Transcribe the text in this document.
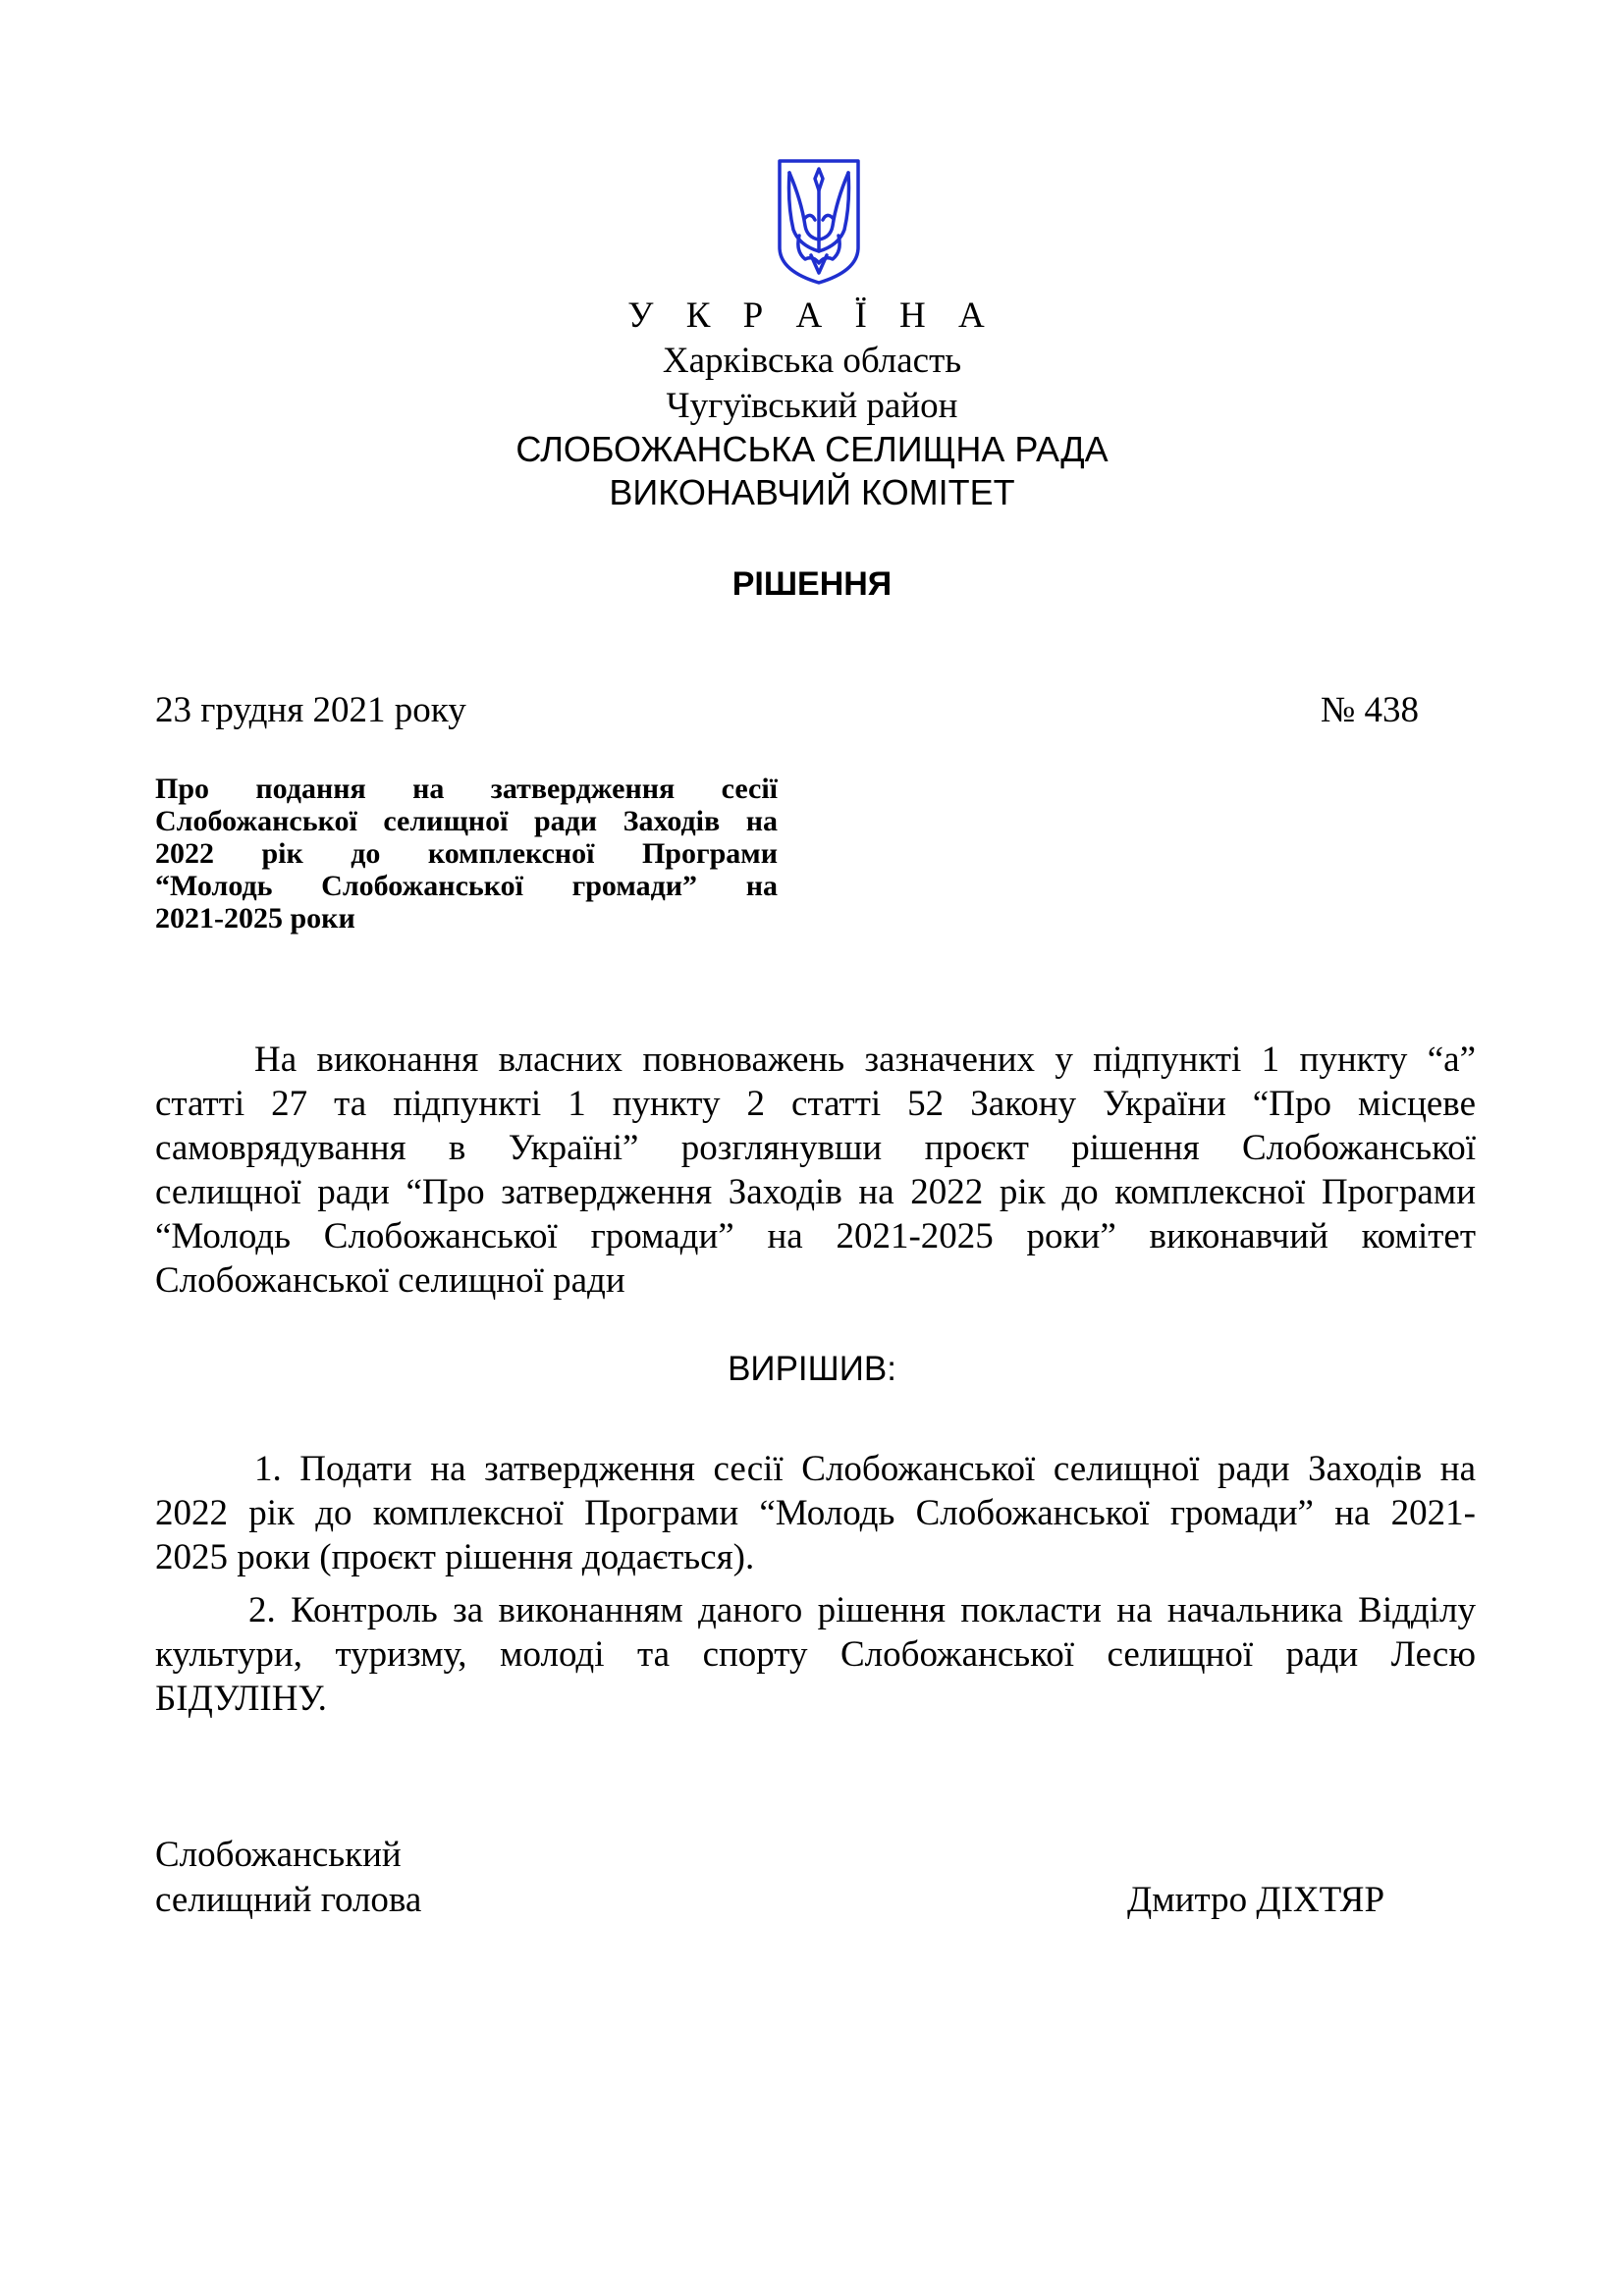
У К Р А Ї Н А
Харківська область
Чугуївський район
СЛОБОЖАНСЬКА СЕЛИЩНА РАДА
ВИКОНАВЧИЙ КОМІТЕТ
РІШЕННЯ
23 грудня 2021 року	№ 438
Про подання на затвердження сесії
Слобожанської селищної ради Заходів на
2022 рік до комплексної Програми
“Молодь Слобожанської громади” на
2021-2025 роки
На виконання власних повноважень зазначених у підпункті 1 пункту “а”
статті 27 та підпункті 1 пункту 2 статті 52 Закону України “Про місцеве
самоврядування в Україні” розглянувши проєкт рішення Слобожанської
селищної ради “Про затвердження Заходів на 2022 рік до комплексної Програми
“Молодь Слобожанської громади” на 2021-2025 роки” виконавчий комітет
Слобожанської селищної ради
ВИРІШИВ:
1. Подати на затвердження сесії Слобожанської селищної ради Заходів на
2022 рік до комплексної Програми “Молодь Слобожанської громади” на 2021-
2025 роки (проєкт рішення додається).
2. Контроль за виконанням даного рішення покласти на начальника Відділу
культури, туризму, молоді та спорту Слобожанської селищної ради Лесю
БІДУЛІНУ.
Слобожанський
селищний голова	Дмитро ДІХТЯР
